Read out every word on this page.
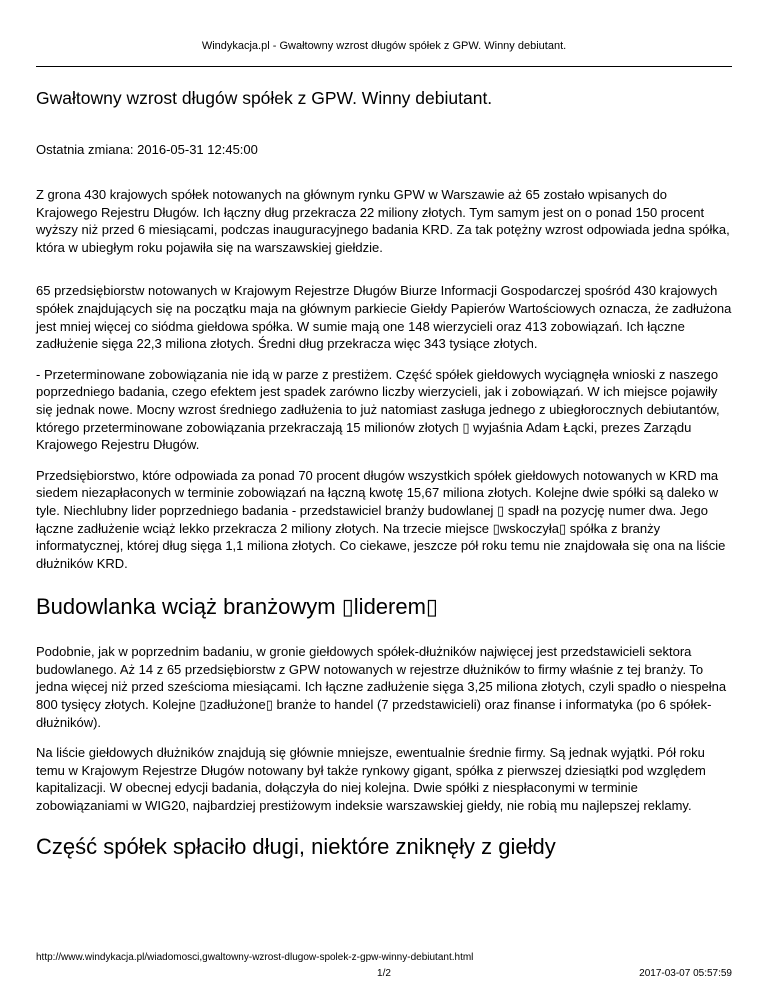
Windykacja.pl - Gwałtowny wzrost długów spółek z GPW. Winny debiutant.
Gwałtowny wzrost długów spółek z GPW. Winny debiutant.

Ostatnia zmiana: 2016-05-31 12:45:00

Z grona 430 krajowych spółek notowanych na głównym rynku GPW w Warszawie aż 65 zostało wpisanych do Krajowego Rejestru Długów. Ich łączny dług przekracza 22 miliony złotych. Tym samym jest on o ponad 150 procent wyższy niż przed 6 miesiącami, podczas inauguracyjnego badania KRD. Za tak potężny wzrost odpowiada jedna spółka, która w ubiegłym roku pojawiła się na warszawskiej giełdzie.

65 przedsiębiorstw notowanych w Krajowym Rejestrze Długów Biurze Informacji Gospodarczej spośród 430 krajowych spółek znajdujących się na początku maja na głównym parkiecie Giełdy Papierów Wartościowych oznacza, że zadłużona jest mniej więcej co siódma giełdowa spółka. W sumie mają one 148 wierzycieli oraz 413 zobowiązań. Ich łączne zadłużenie sięga 22,3 miliona złotych. Średni dług przekracza więc 343 tysiące złotych.

- Przeterminowane zobowiązania nie idą w parze z prestiżem. Część spółek giełdowych wyciągnęła wnioski z naszego poprzedniego badania, czego efektem jest spadek zarówno liczby wierzycieli, jak i zobowiązań. W ich miejsce pojawiły się jednak nowe. Mocny wzrost średniego zadłużenia to już natomiast zasługa jednego z ubiegłorocznych debiutantów, którego przeterminowane zobowiązania przekraczają 15 milionów złotych ▯ wyjaśnia Adam Łącki, prezes Zarządu Krajowego Rejestru Długów.

Przedsiębiorstwo, które odpowiada za ponad 70 procent długów wszystkich spółek giełdowych notowanych w KRD ma siedem niezapłaconych w terminie zobowiązań na łączną kwotę 15,67 miliona złotych. Kolejne dwie spółki są daleko w tyle. Niechlubny lider poprzedniego badania - przedstawiciel branży budowlanej ▯ spadł na pozycję numer dwa. Jego łączne zadłużenie wciąż lekko przekracza 2 miliony złotych. Na trzecie miejsce ▯wskoczyła▯ spółka z branży informatycznej, której dług sięga 1,1 miliona złotych. Co ciekawe, jeszcze pół roku temu nie znajdowała się ona na liście dłużników KRD.

Budowlanka wciąż branżowym ▯liderem▯

Podobnie, jak w poprzednim badaniu, w gronie giełdowych spółek-dłużników najwięcej jest przedstawicieli sektora budowlanego. Aż 14 z 65 przedsiębiorstw z GPW notowanych w rejestrze dłużników to firmy właśnie z tej branży. To jedna więcej niż przed sześcioma miesiącami. Ich łączne zadłużenie sięga 3,25 miliona złotych, czyli spadło o niespełna 800 tysięcy złotych. Kolejne ▯zadłużone▯ branże to handel (7 przedstawicieli) oraz finanse i informatyka (po 6 spółek-dłużników).

Na liście giełdowych dłużników znajdują się głównie mniejsze, ewentualnie średnie firmy. Są jednak wyjątki. Pół roku temu w Krajowym Rejestrze Długów notowany był także rynkowy gigant, spółka z pierwszej dziesiątki pod względem kapitalizacji. W obecnej edycji badania, dołączyła do niej kolejna. Dwie spółki z niespłaconymi w terminie zobowiązaniami w WIG20, najbardziej prestiżowym indeksie warszawskiej giełdy, nie robią mu najlepszej reklamy.

Część spółek spłaciło długi, niektóre zniknęły z giełdy
http://www.windykacja.pl/wiadomosci,gwaltowny-wzrost-dlugow-spolek-z-gpw-winny-debiutant.html
1/2	2017-03-07 05:57:59
